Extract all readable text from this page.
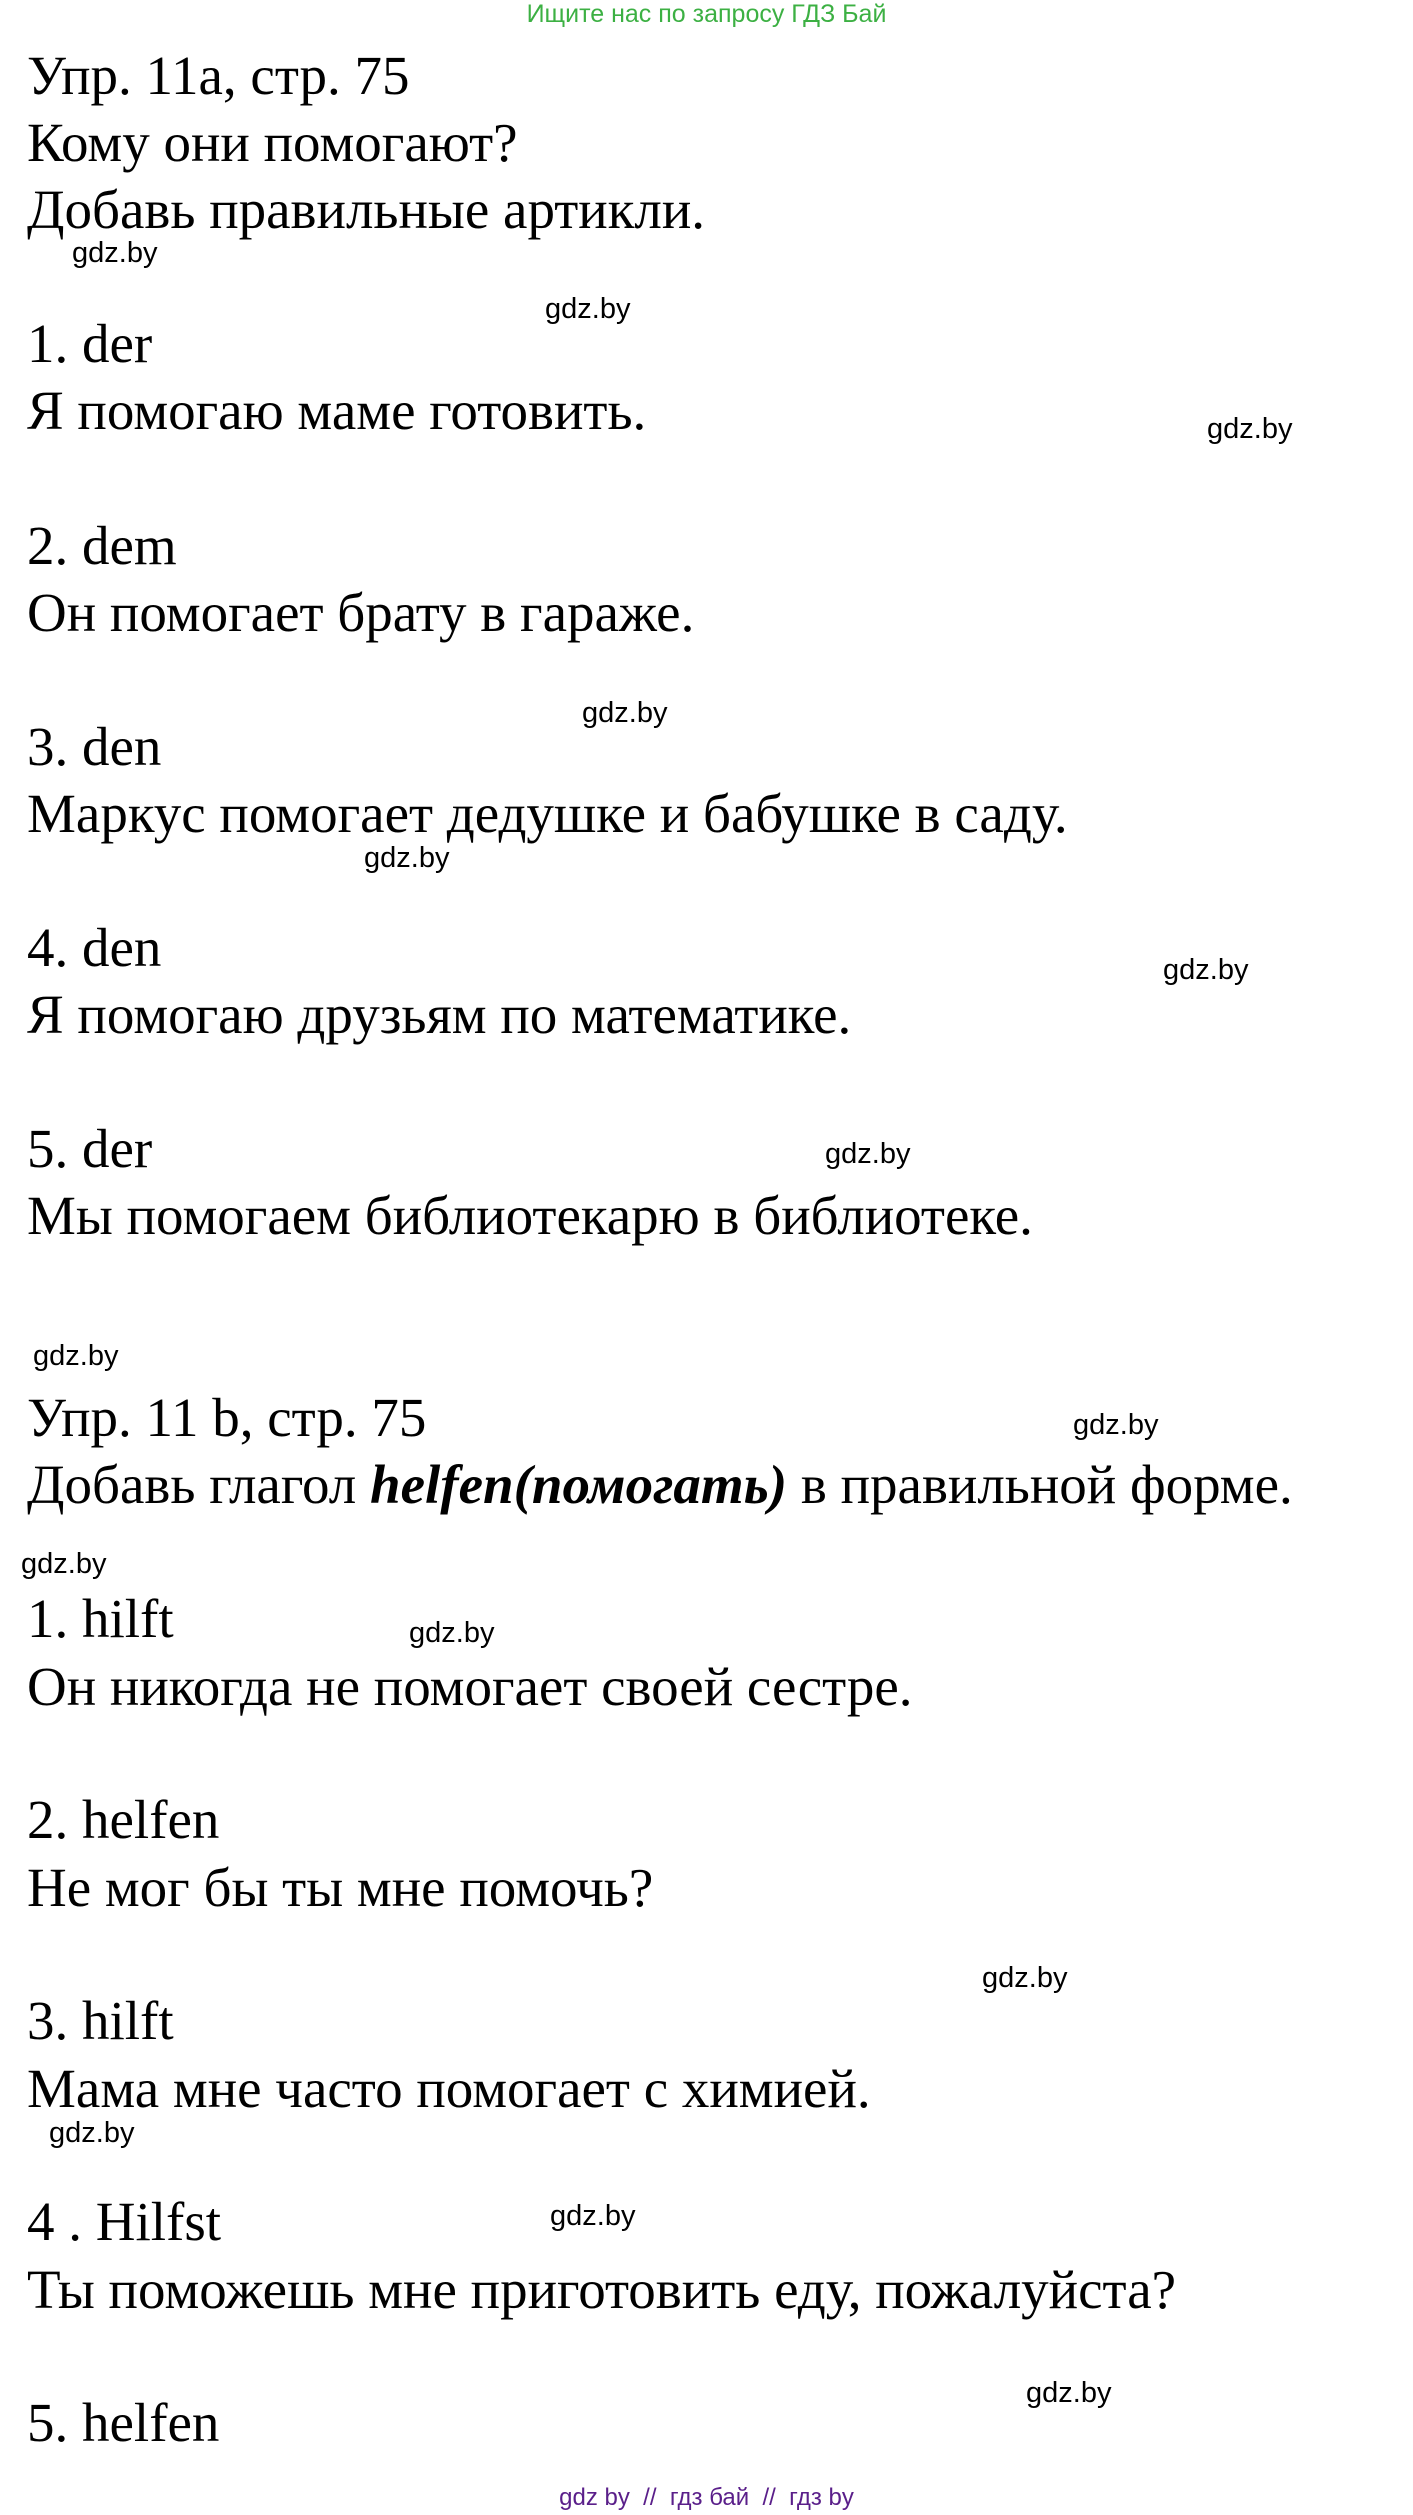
Ищите нас по запросу ГДЗ Бай
Упр. 11a, стр. 75
Кому они помогают?
Добавь правильные артикли.
1. der
Я помогаю маме готовить.
2. dem
Он помогает брату в гараже.
3. den
Маркус помогает дедушке и бабушке в саду.
4. den
Я помогаю друзьям по математике.
5. der
Мы помогаем библиотекарю в библиотеке.
Упр. 11 b, стр. 75
Добавь глагол helfen(помогать) в правильной форме.
1. hilft
Он никогда не помогает своей сестре.
2. helfen
Не мог бы ты мне помочь?
3. hilft
Мама мне часто помогает с химией.
4 . Hilfst
Ты поможешь мне приготовить еду, пожалуйста?
5. helfen
gdz.by
gdz.by
gdz.by
gdz.by
gdz.by
gdz.by
gdz.by
gdz.by
gdz.by
gdz.by
gdz.by
gdz.by
gdz.by
gdz.by
gdz.by
gdz by  //  гдз бай  //  гдз by
